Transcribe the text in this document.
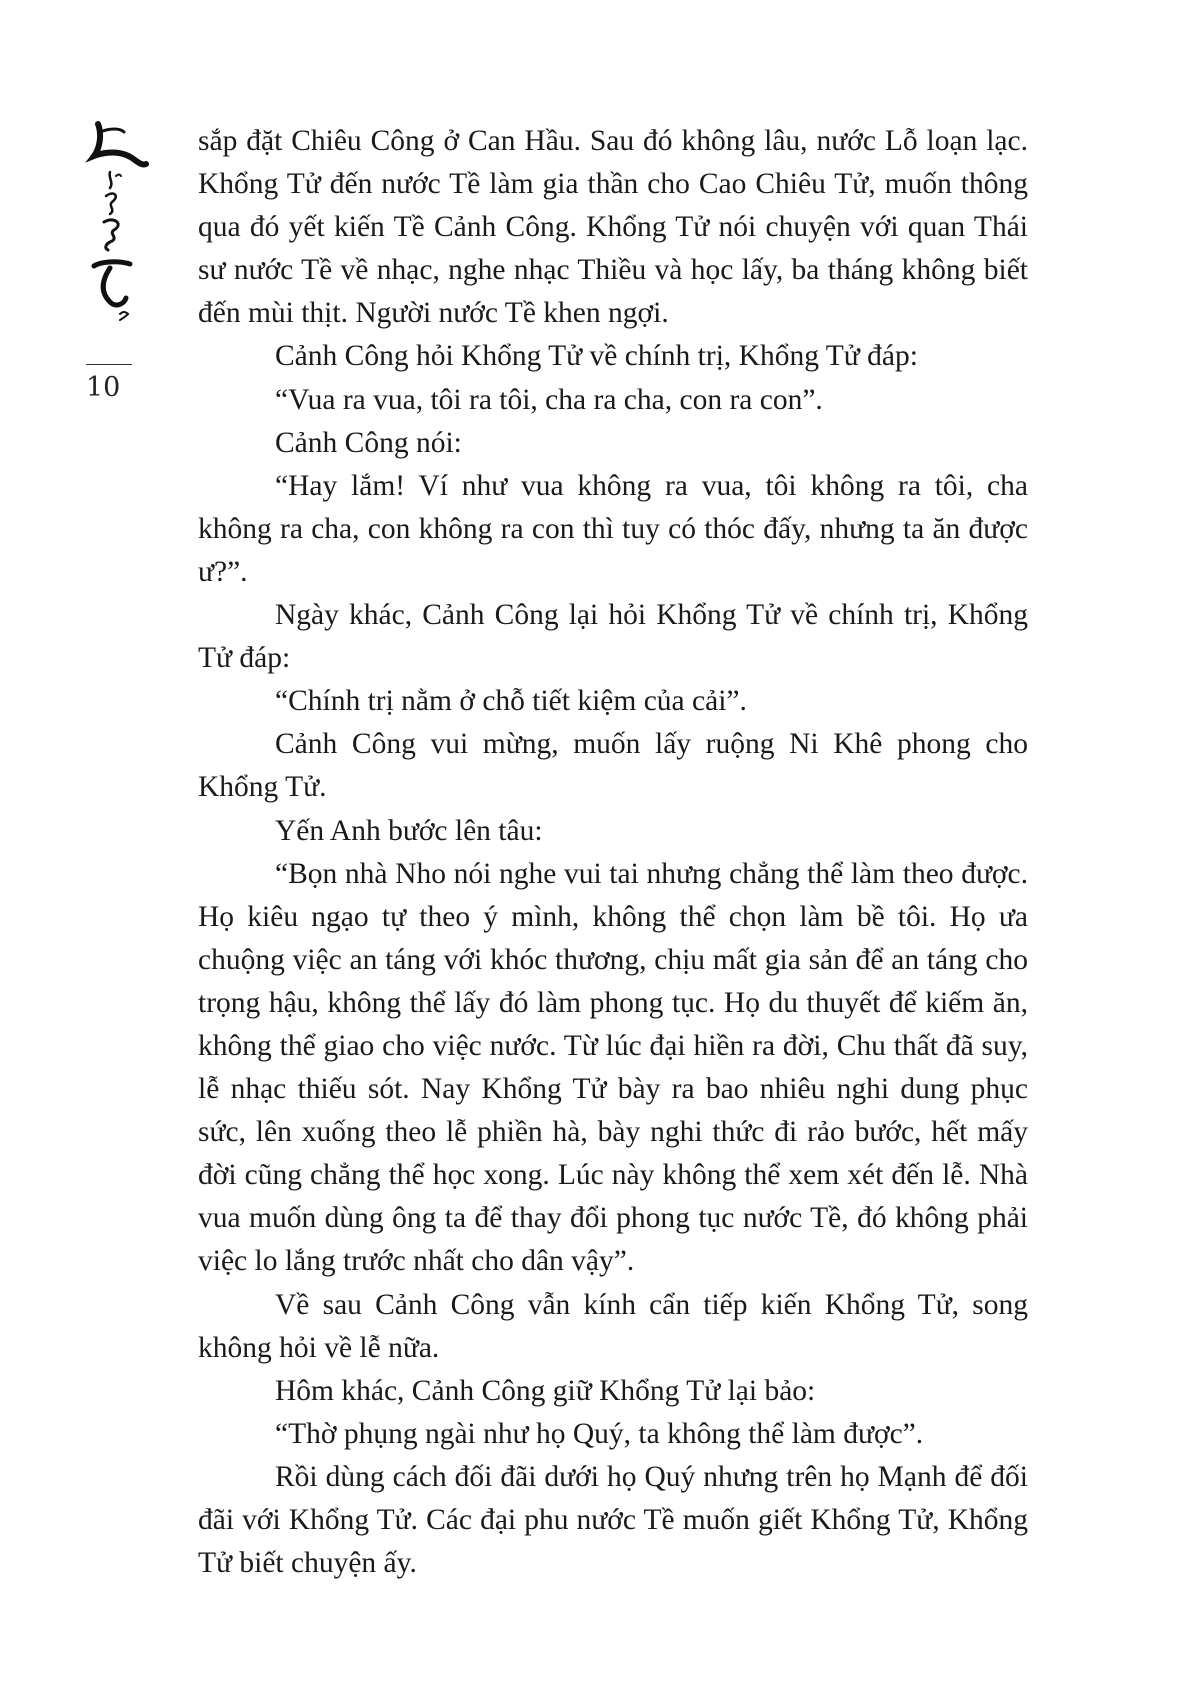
10

sắp đặt Chiêu Công ở Can Hầu. Sau đó không lâu, nước Lỗ loạn lạc. Khổng Tử đến nước Tề làm gia thần cho Cao Chiêu Tử, muốn thông qua đó yết kiến Tề Cảnh Công. Khổng Tử nói chuyện với quan Thái sư nước Tề về nhạc, nghe nhạc Thiều và học lấy, ba tháng không biết đến mùi thịt. Người nước Tề khen ngợi.

Cảnh Công hỏi Khổng Tử về chính trị, Khổng Tử đáp:

“Vua ra vua, tôi ra tôi, cha ra cha, con ra con”.

Cảnh Công nói:

“Hay lắm! Ví như vua không ra vua, tôi không ra tôi, cha không ra cha, con không ra con thì tuy có thóc đấy, nhưng ta ăn được ư?”.

Ngày khác, Cảnh Công lại hỏi Khổng Tử về chính trị, Khổng Tử đáp:

“Chính trị nằm ở chỗ tiết kiệm của cải”.

Cảnh Công vui mừng, muốn lấy ruộng Ni Khê phong cho Khổng Tử.

Yến Anh bước lên tâu:

“Bọn nhà Nho nói nghe vui tai nhưng chẳng thể làm theo được. Họ kiêu ngạo tự theo ý mình, không thể chọn làm bề tôi. Họ ưa chuộng việc an táng với khóc thương, chịu mất gia sản để an táng cho trọng hậu, không thể lấy đó làm phong tục. Họ du thuyết để kiếm ăn, không thể giao cho việc nước. Từ lúc đại hiền ra đời, Chu thất đã suy, lễ nhạc thiếu sót. Nay Khổng Tử bày ra bao nhiêu nghi dung phục sức, lên xuống theo lễ phiền hà, bày nghi thức đi rảo bước, hết mấy đời cũng chẳng thể học xong. Lúc này không thể xem xét đến lễ. Nhà vua muốn dùng ông ta để thay đổi phong tục nước Tề, đó không phải việc lo lắng trước nhất cho dân vậy”.

Về sau Cảnh Công vẫn kính cẩn tiếp kiến Khổng Tử, song không hỏi về lễ nữa.

Hôm khác, Cảnh Công giữ Khổng Tử lại bảo:

“Thờ phụng ngài như họ Quý, ta không thể làm được”.

Rồi dùng cách đối đãi dưới họ Quý nhưng trên họ Mạnh để đối đãi với Khổng Tử. Các đại phu nước Tề muốn giết Khổng Tử, Khổng Tử biết chuyện ấy.
